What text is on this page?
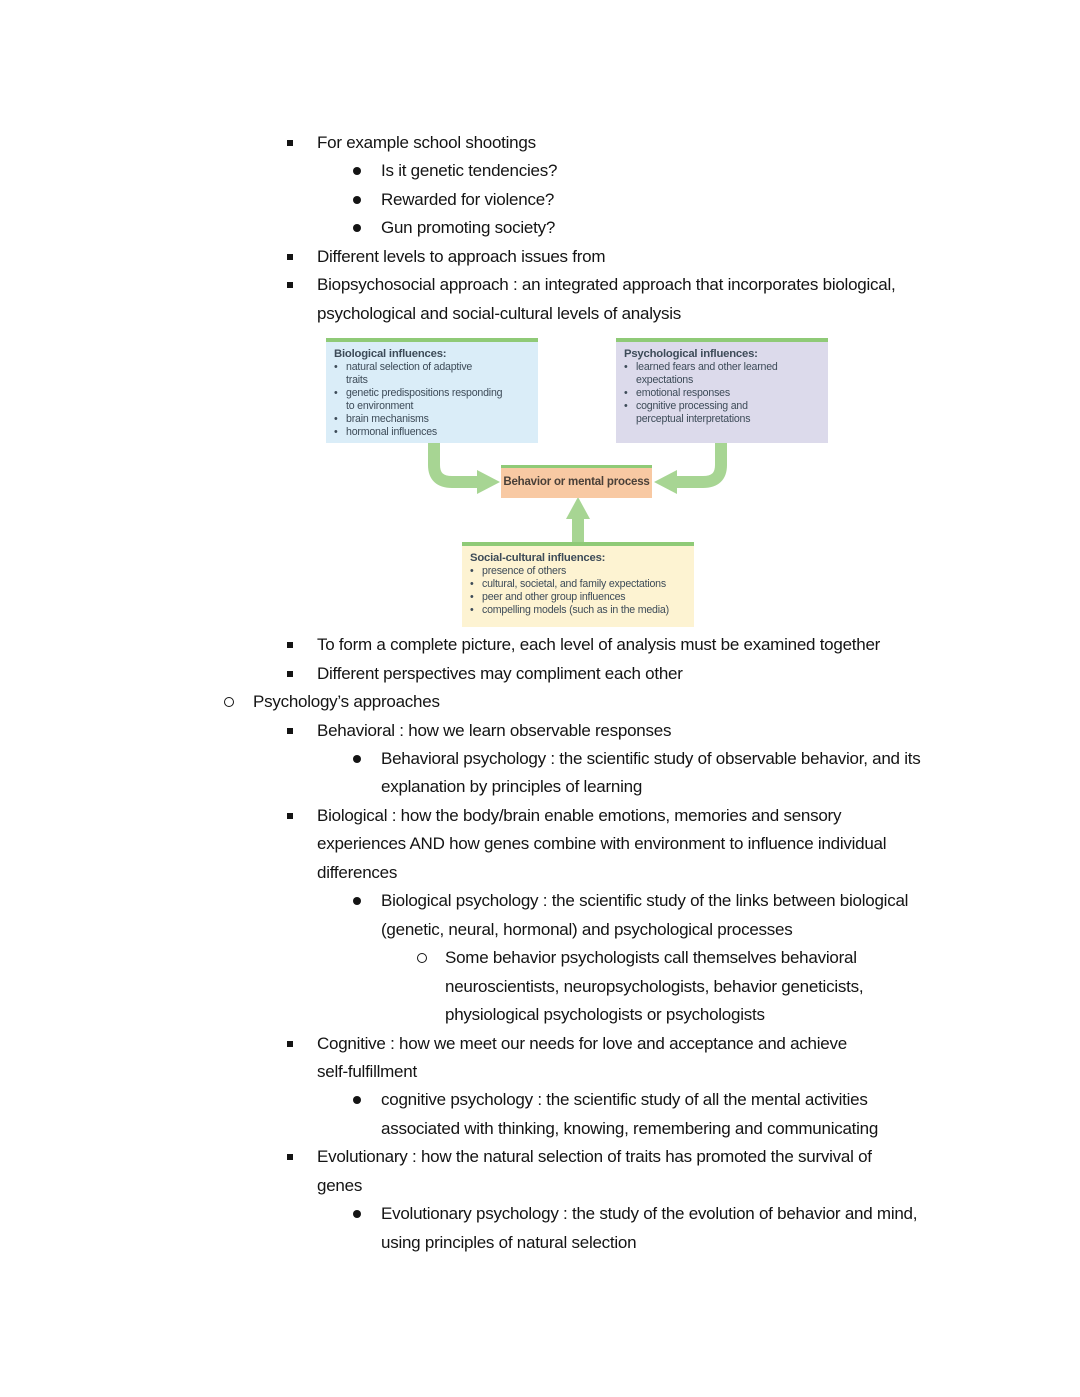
For example school shootings
Is it genetic tendencies?
Rewarded for violence?
Gun promoting society?
Different levels to approach issues from
Biopsychosocial approach : an integrated approach that incorporates biological,
psychological and social-cultural levels of analysis
Biological influences:
• natural selection of adaptive
traits
• genetic predispositions responding
to environment
• brain mechanisms
• hormonal influences
Psychological influences:
• learned fears and other learned
expectations
• emotional responses
• cognitive processing and
perceptual interpretations
Behavior or mental process
Social-cultural influences:
• presence of others
• cultural, societal, and family expectations
• peer and other group influences
• compelling models (such as in the media)
To form a complete picture, each level of analysis must be examined together
Different perspectives may compliment each other
Psychology’s approaches
Behavioral : how we learn observable responses
Behavioral psychology : the scientific study of observable behavior, and its
explanation by principles of learning
Biological : how the body/brain enable emotions, memories and sensory
experiences AND how genes combine with environment to influence individual
differences
Biological psychology : the scientific study of the links between biological
(genetic, neural, hormonal) and psychological processes
Some behavior psychologists call themselves behavioral
neuroscientists, neuropsychologists, behavior geneticists,
physiological psychologists or psychologists
Cognitive : how we meet our needs for love and acceptance and achieve
self-fulfillment
cognitive psychology : the scientific study of all the mental activities
associated with thinking, knowing, remembering and communicating
Evolutionary : how the natural selection of traits has promoted the survival of
genes
Evolutionary psychology : the study of the evolution of behavior and mind,
using principles of natural selection
